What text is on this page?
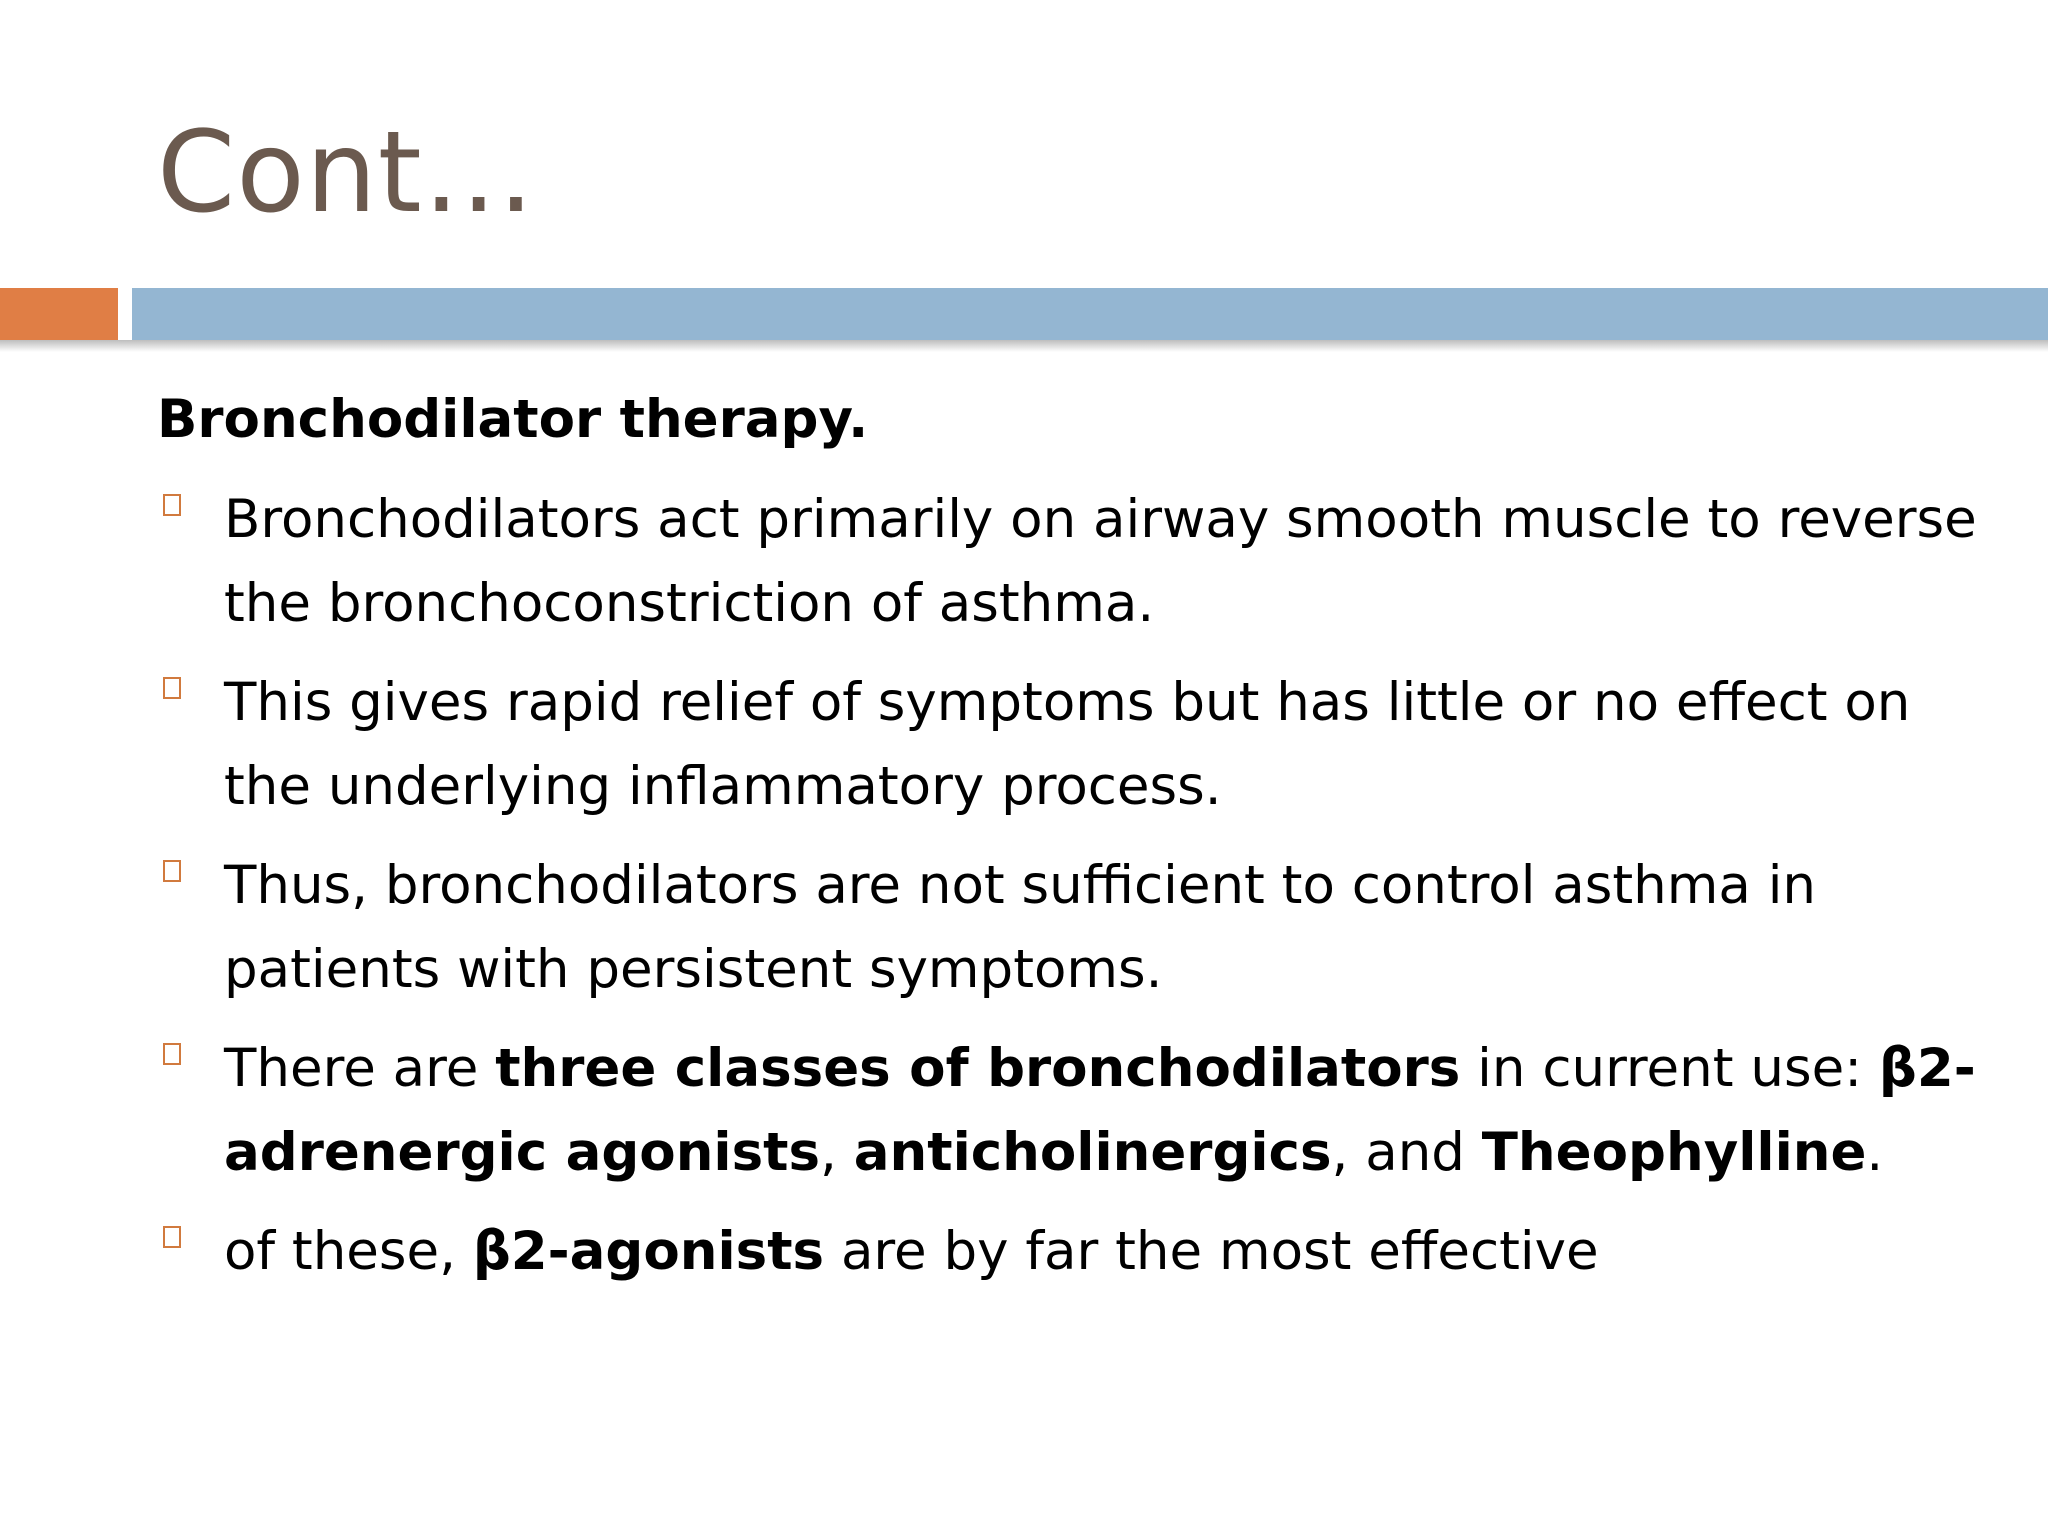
Cont…
Bronchodilator therapy.
Bronchodilators act primarily on airway smooth muscle to reverse the bronchoconstriction of asthma.
This gives rapid relief of symptoms but has little or no effect on the underlying inflammatory process.
Thus, bronchodilators are not sufficient to control asthma in patients with persistent symptoms.
There are three classes of bronchodilators in current use: β2-adrenergic agonists, anticholinergics, and Theophylline.
of these, β2-agonists are by far the most effective
